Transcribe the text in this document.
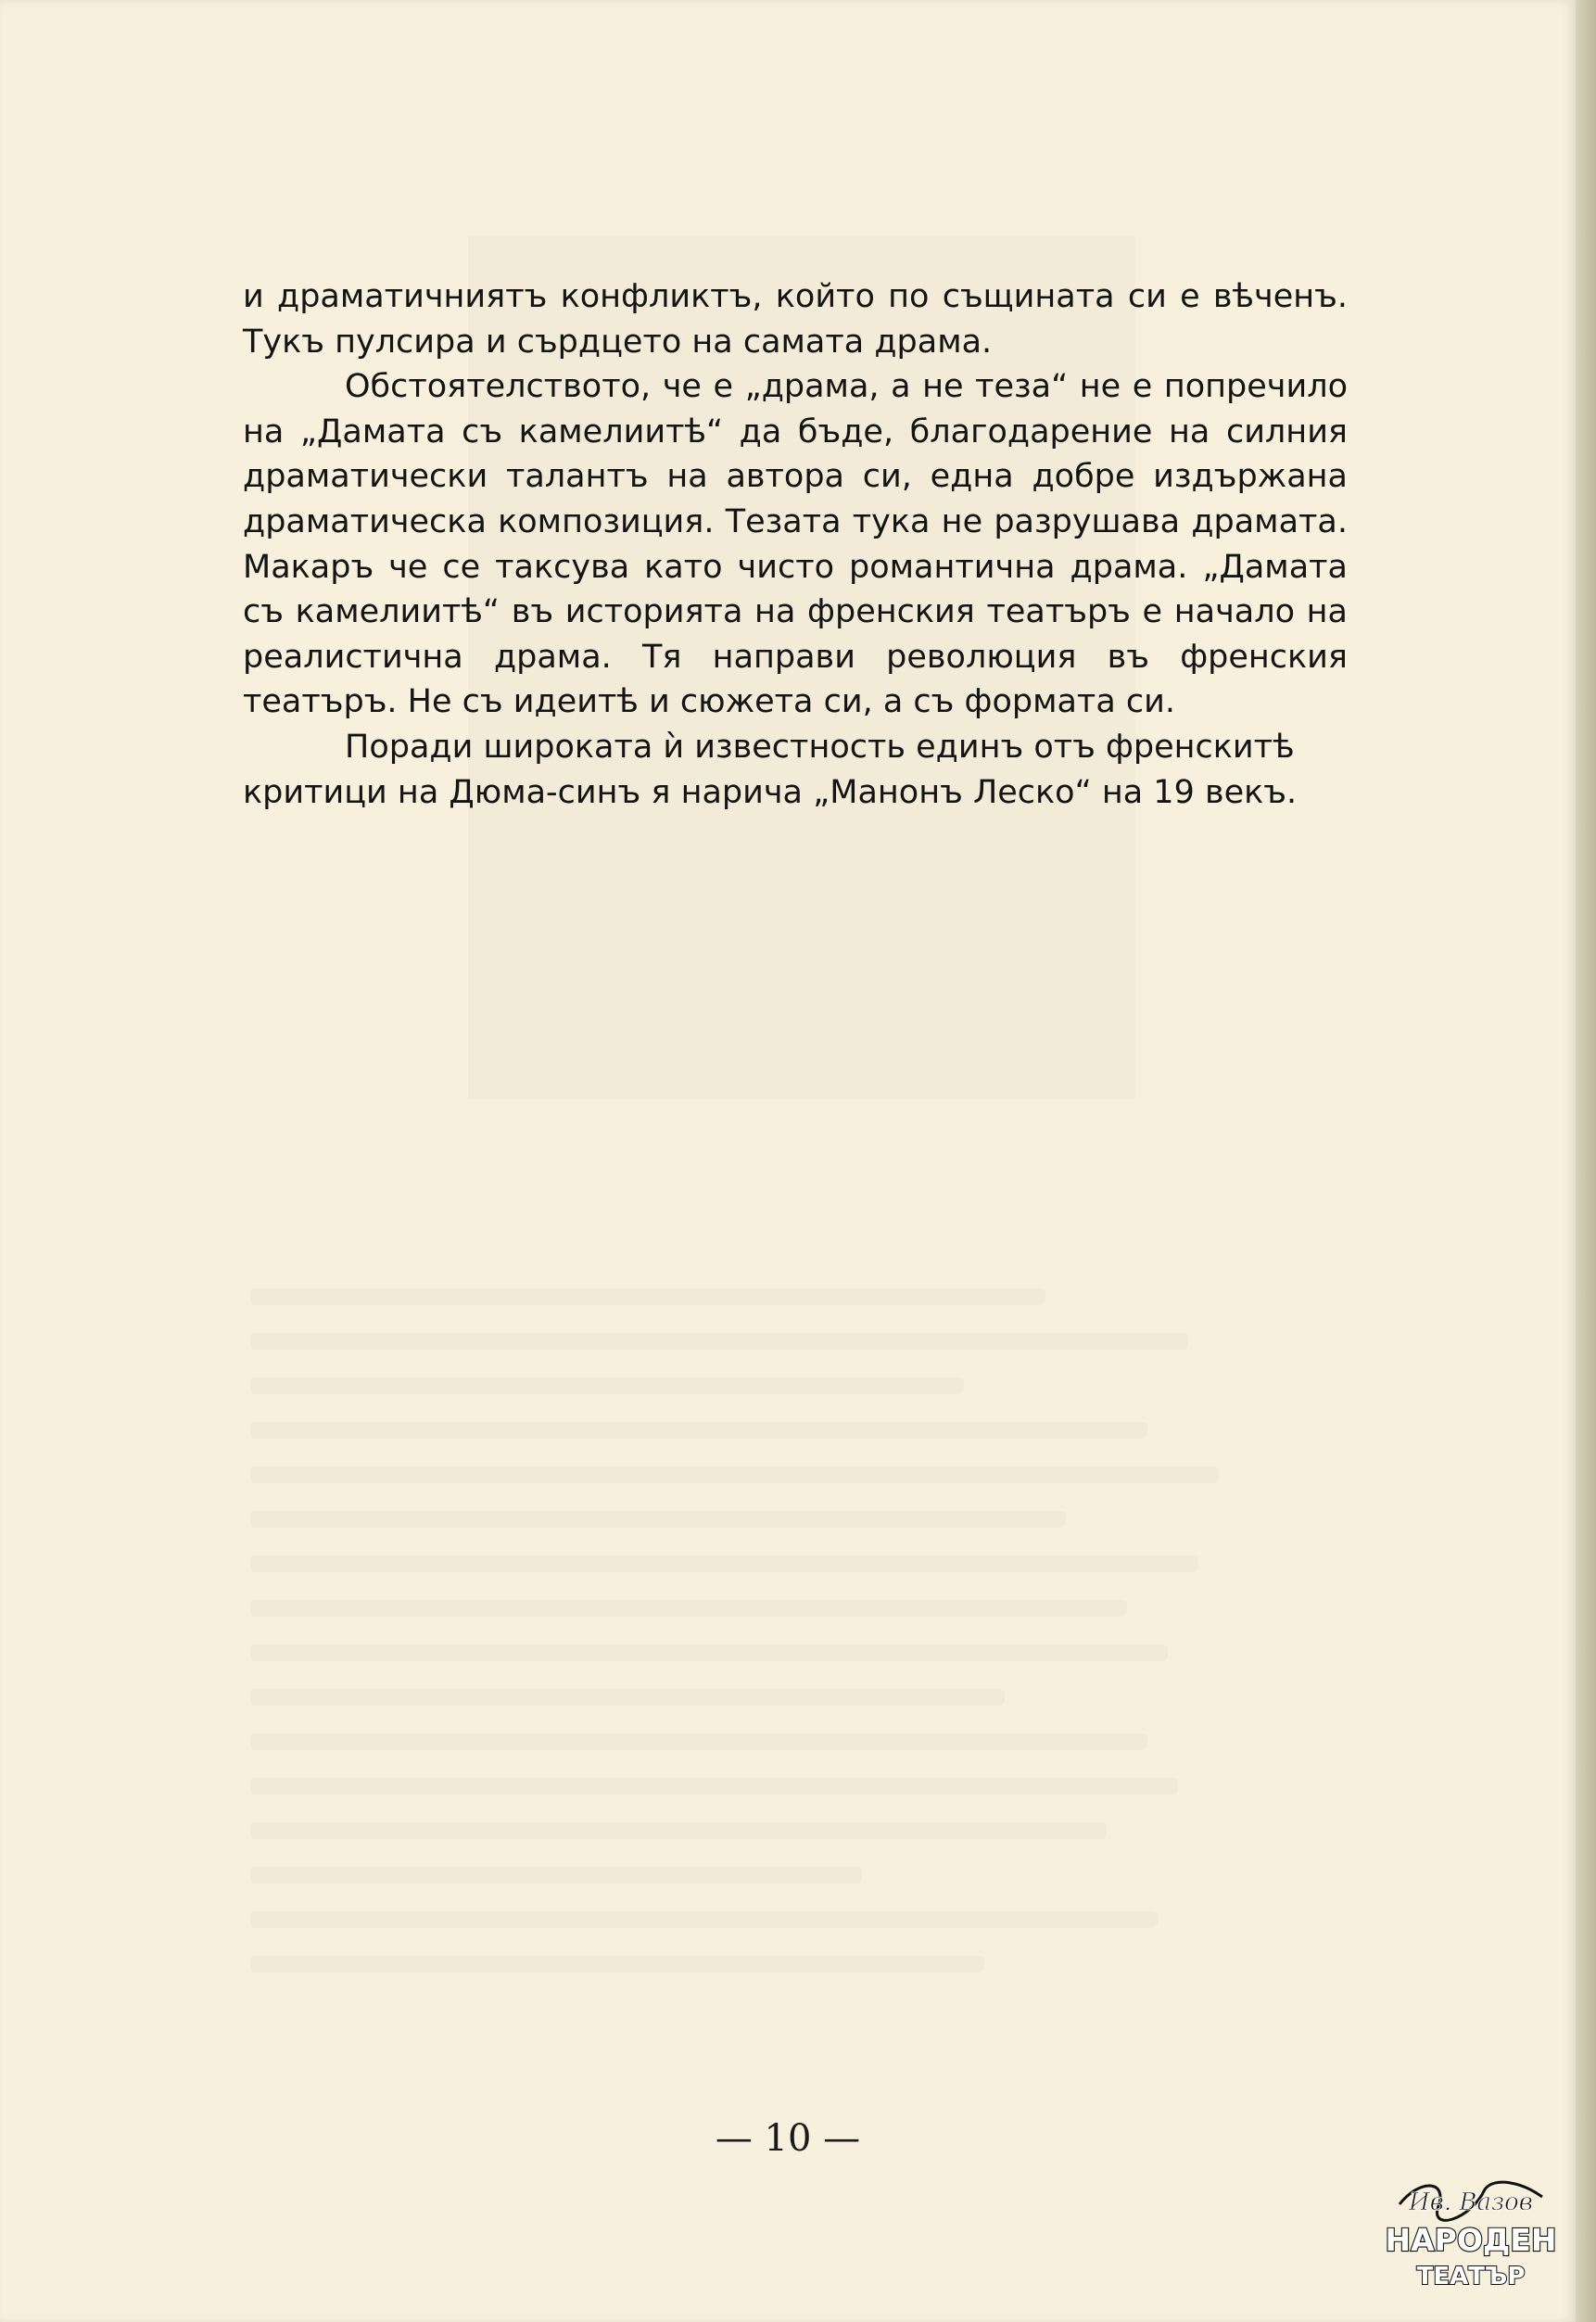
и драматичниятъ конфликтъ, който по същината си е вѣченъ. Тукъ пулсира и сърдцето на самата драма.

Обстоятелството, че е „драма, а не теза“ не е попречило на „Дамата съ камелиитѣ“ да бъде, благодарение на силния драматически талантъ на автора си, една добре издържана драматическа композиция. Тезата тука не разрушава драмата. Макаръ че се таксува като чисто романтична драма. „Дамата съ камелиитѣ“ въ историята на френския театъръ е начало на реалистична драма. Тя направи революция въ френския театъръ. Не съ идеитѣ и сюжета си, а съ формата си.

Поради широката ѝ известность единъ отъ френскитѣ критици на Дюма-синъ я нарича „Манонъ Леско“ на 19 векъ.

— 10 —
Ив. Вазов
НАРОДЕН
ТЕАТЪР
